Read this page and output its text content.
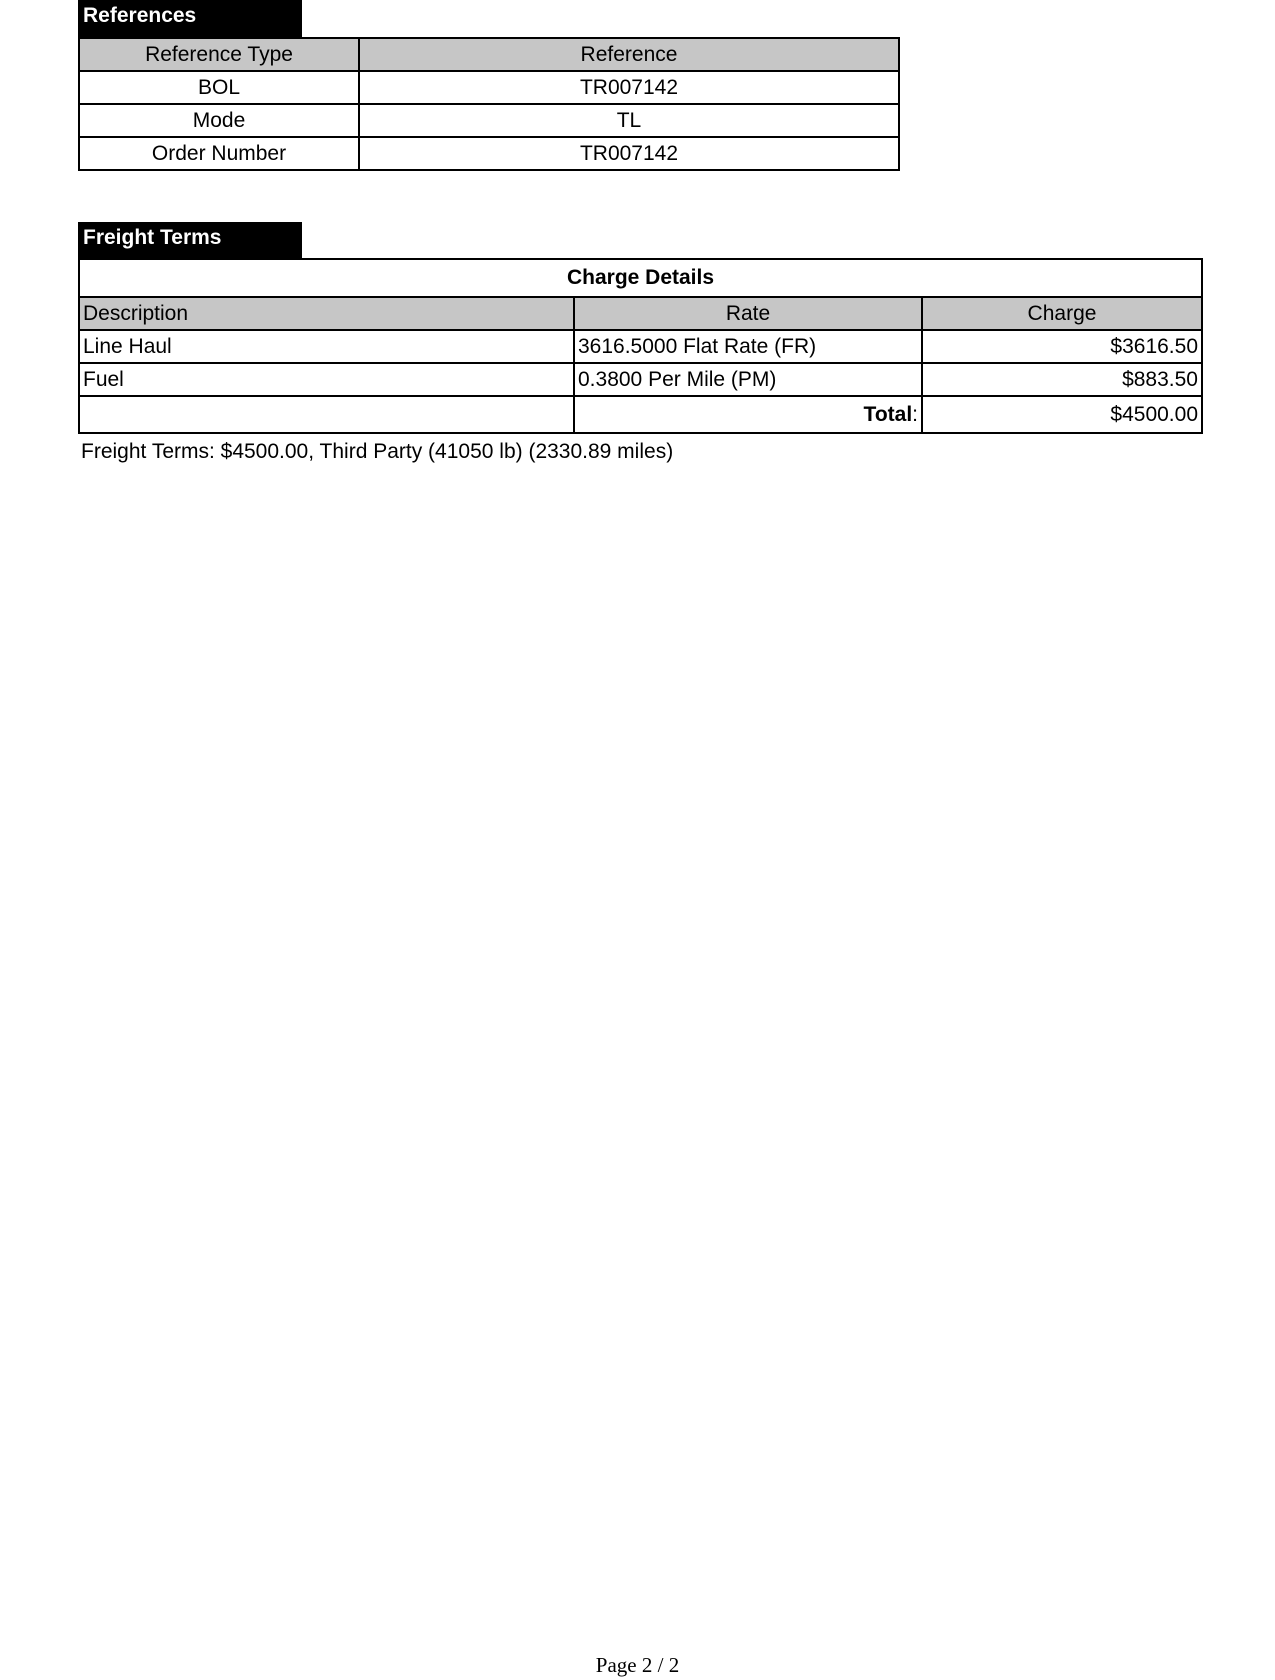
References
Reference Type	Reference
BOL	TR007142
Mode	TL
Order Number	TR007142
Freight Terms
Charge Details		
Description	Rate	Charge
Line Haul	3616.5000 Flat Rate (FR)	$3616.50
Fuel	0.3800 Per Mile (PM)	$883.50
	Total:	$4500.00
Freight Terms: $4500.00, Third Party (41050 lb) (2330.89 miles)
Page 2 / 2
